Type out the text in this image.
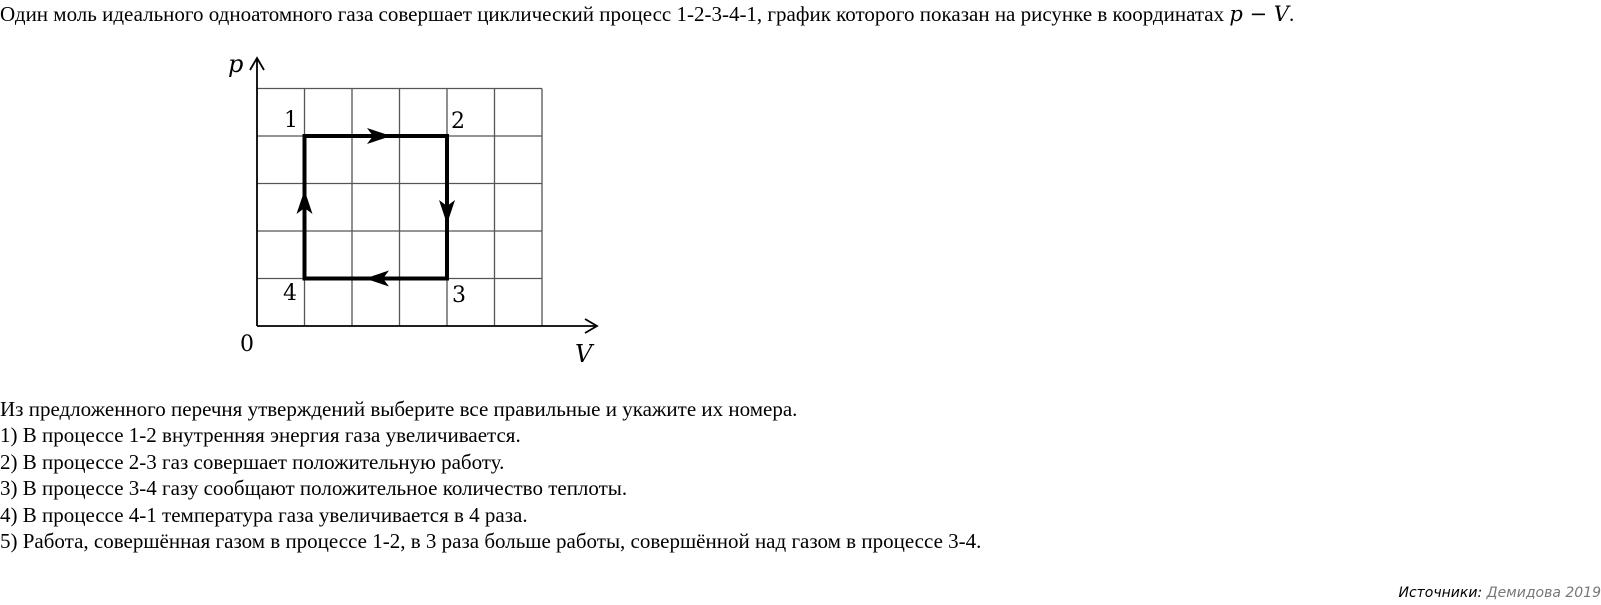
Один моль идеального одноатомного газа совершает циклический процесс 1-2-3-4-1, график которого показан на рисунке в координатах p − V.
p
V
0
1	2
3
4
Из предложенного перечня утверждений выберите все правильные и укажите их номера.
1) В процессе 1-2 внутренняя энергия газа увеличивается.
2) В процессе 2-3 газ совершает положительную работу.
3) В процессе 3-4 газу сообщают положительное количество теплоты.
4) В процессе 4-1 температура газа увеличивается в 4 раза.
5) Работа, совершённая газом в процессе 1-2, в 3 раза больше работы, совершённой над газом в процессе 3-4.
Источники: Демидова 2019
